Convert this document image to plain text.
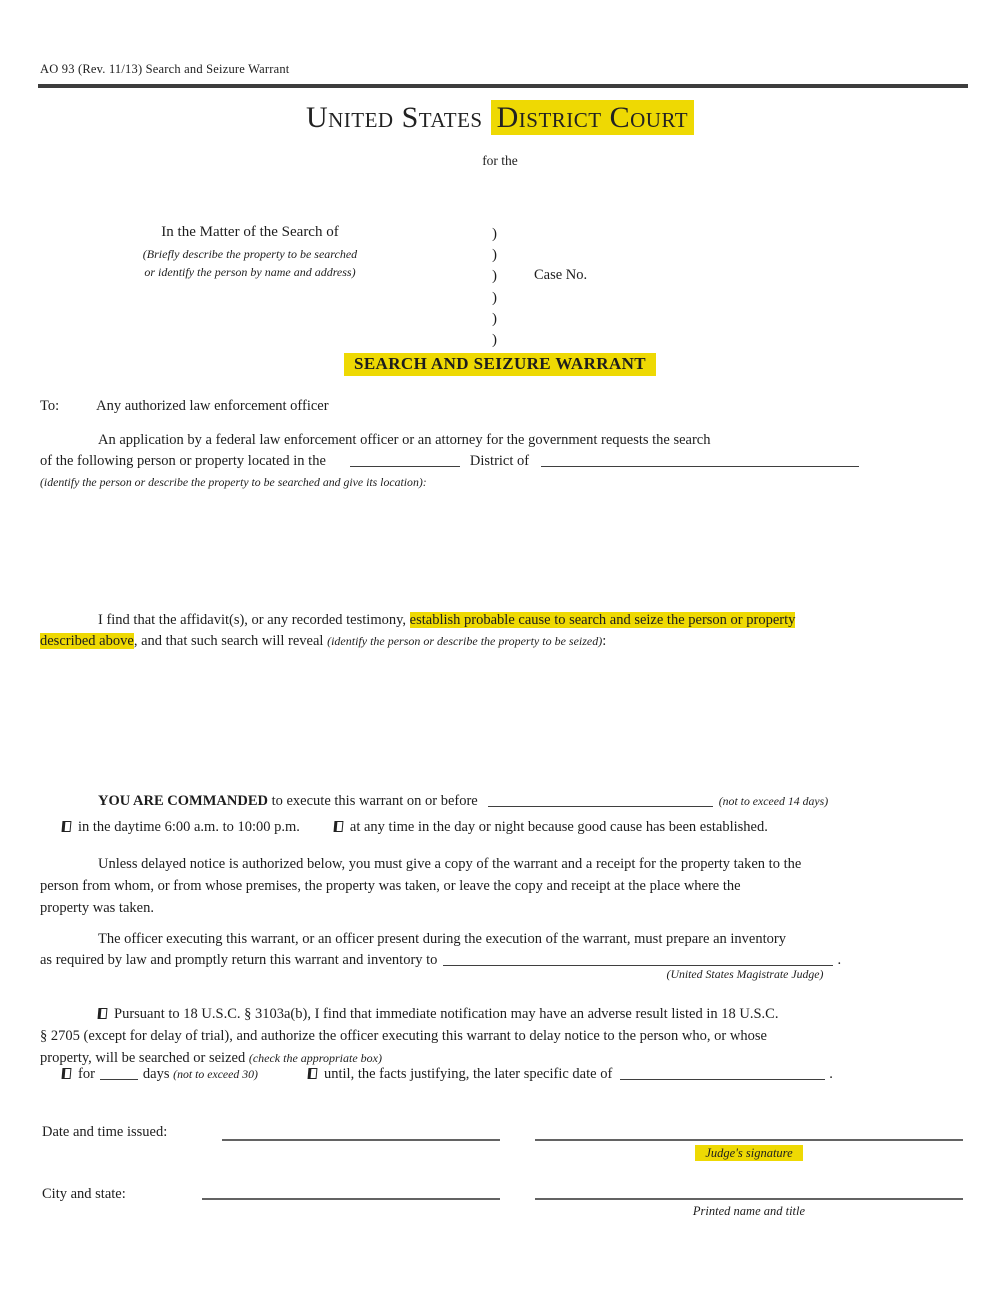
AO 93 (Rev. 11/13) Search and Seizure Warrant
United States District Court
for the
In the Matter of the Search of
(Briefly describe the property to be searched
or identify the person by name and address)
)
)
)
)
)
)
Case No.
SEARCH AND SEIZURE WARRANT
To:	Any authorized law enforcement officer
An application by a federal law enforcement officer or an attorney for the government requests the search
of the following person or property located in the	District of
(identify the person or describe the property to be searched and give its location):
I find that the affidavit(s), or any recorded testimony, establish probable cause to search and seize the person or property
described above, and that such search will reveal (identify the person or describe the property to be seized):
YOU ARE COMMANDED to execute this warrant on or before	(not to exceed 14 days)
in the daytime 6:00 a.m. to 10:00 p.m.	at any time in the day or night because good cause has been established.
Unless delayed notice is authorized below, you must give a copy of the warrant and a receipt for the property taken to the
person from whom, or from whose premises, the property was taken, or leave the copy and receipt at the place where the
property was taken.
The officer executing this warrant, or an officer present during the execution of the warrant, must prepare an inventory
as required by law and promptly return this warrant and inventory to	.
(United States Magistrate Judge)
Pursuant to 18 U.S.C. § 3103a(b), I find that immediate notification may have an adverse result listed in 18 U.S.C.
§ 2705 (except for delay of trial), and authorize the officer executing this warrant to delay notice to the person who, or whose
property, will be searched or seized (check the appropriate box)
for	days (not to exceed 30)	until, the facts justifying, the later specific date of	.
Date and time issued:
Judge's signature
City and state:
Printed name and title
